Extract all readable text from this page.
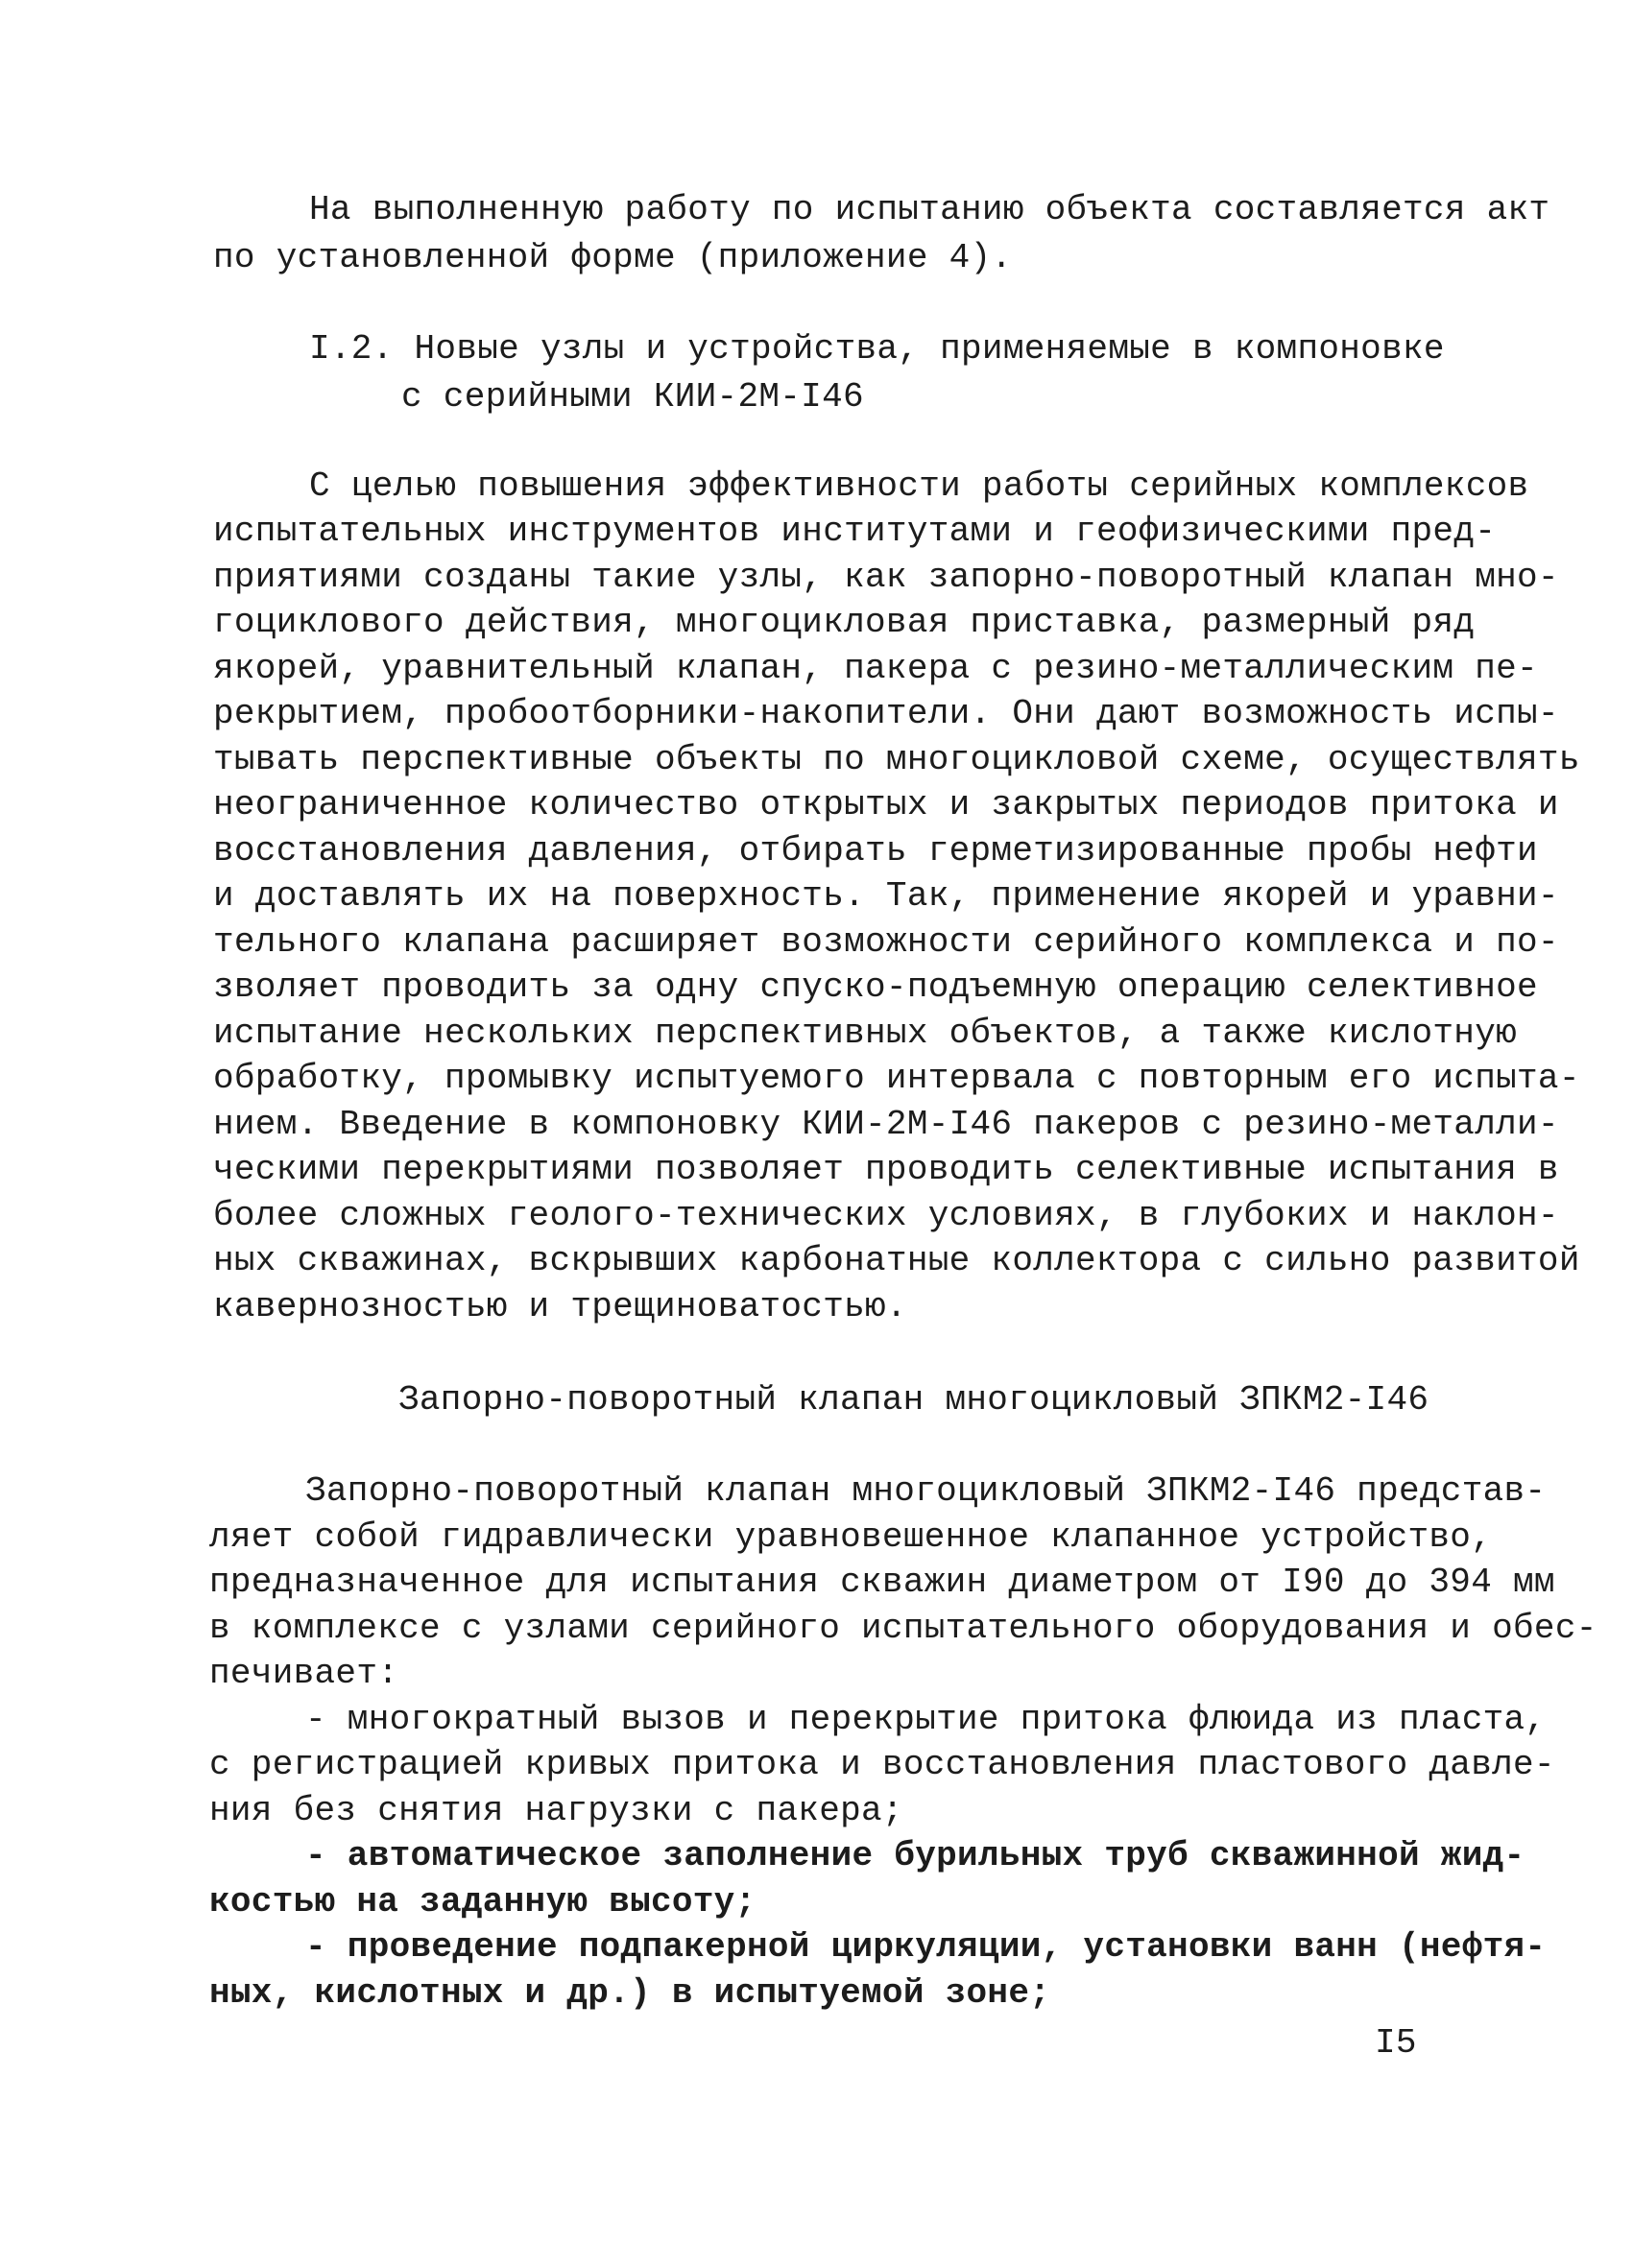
На выполненную работу по испытанию объекта составляется акт
по установленной форме (приложение 4).
I.2. Новые узлы и устройства, применяемые в компоновке
с серийными КИИ-2М-I46
С целью повышения эффективности работы серийных комплексов
испытательных инструментов институтами и геофизическими пред-
приятиями созданы такие узлы, как запорно-поворотный клапан мно-
гоциклового действия, многоцикловая приставка, размерный ряд
якорей, уравнительный клапан, пакера с резино-металлическим пе-
рекрытием, пробоотборники-накопители. Они дают возможность испы-
тывать перспективные объекты по многоцикловой схеме, осуществлять
неограниченное количество открытых и закрытых периодов притока и
восстановления давления, отбирать герметизированные пробы нефти
и доставлять их на поверхность. Так, применение якорей и уравни-
тельного клапана расширяет возможности серийного комплекса и по-
зволяет проводить за одну спуско-подъемную операцию селективное
испытание нескольких перспективных объектов, а также кислотную
обработку, промывку испытуемого интервала с повторным его испыта-
нием. Введение в компоновку КИИ-2М-I46 пакеров с резино-металли-
ческими перекрытиями позволяет проводить селективные испытания в
более сложных геолого-технических условиях, в глубоких и наклон-
ных скважинах, вскрывших карбонатные коллектора с сильно развитой
кавернозностью и трещиноватостью.
Запорно-поворотный клапан многоцикловый ЗПКМ2-I46
Запорно-поворотный клапан многоцикловый ЗПКМ2-I46 представ-
ляет собой гидравлически уравновешенное клапанное устройство,
предназначенное для испытания скважин диаметром от I90 до 394 мм
в комплексе с узлами серийного испытательного оборудования и обес-
печивает:
- многократный вызов и перекрытие притока флюида из пласта,
с регистрацией кривых притока и восстановления пластового давле-
ния без снятия нагрузки с пакера;
- автоматическое заполнение бурильных труб скважинной жид-
костью на заданную высоту;
- проведение подпакерной циркуляции, установки ванн (нефтя-
ных, кислотных и др.) в испытуемой зоне;
I5
